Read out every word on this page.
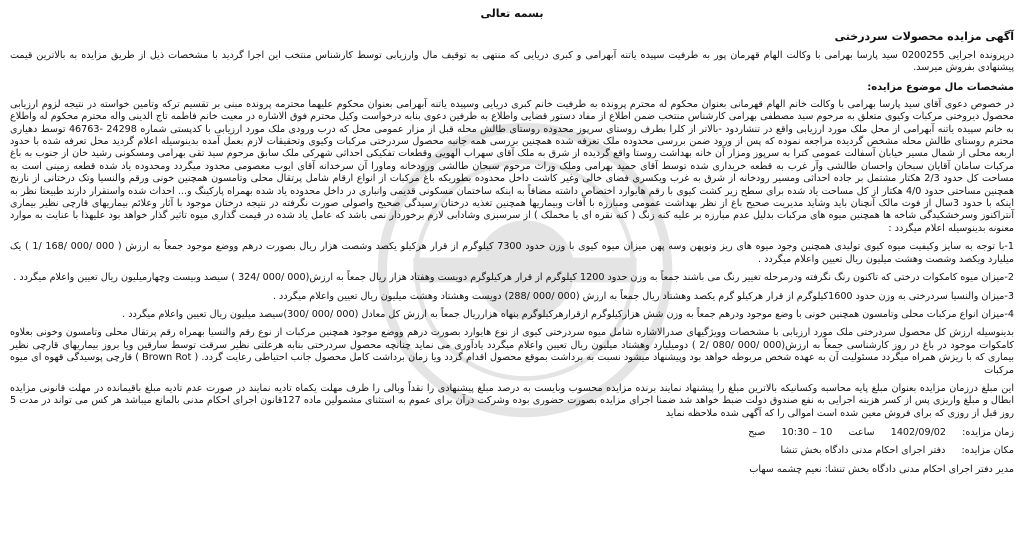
بسمه تعالی
آگهی مزایده محصولات سردرختی

درپرونده اجرایی 0200255 سید پارسا بهرامی با وکالت الهام قهرمان پور به طرفیت سپیده یاتنه آبهرامی و کبری دریایی که منتهی به توقیف مال وارزیابی توسط کارشناس منتخب این اجرا گردید با مشخصات ذیل از طریق مزایده به بالاترین قیمت پیشنهادی بفروش میرسد.

مشخصات مال موضوع مزایده:

در خصوص دعوی آقای سید پارسا بهرامی با وکالت خانم الهام قهرمانی بعنوان محکوم له محترم پرونده به طرفیت خانم کبری دریایی وسپیده یاتنه آبهرامی بعنوان محکوم علیهما محترمه پرونده مبنی بر تقسیم ترکه وتامین خواسته در نتیجه لزوم ارزیابی محصول دیروختی مرکبات وکیوی متعلق به مرحوم سید مصطفی بهرامی کارشناس منتخب ضمن اطلاع از مفاد دستور قضایی واطلاع به طرفین دعوی بنابه درخواست وکیل محترم فوق الاشاره در معیت خانم فاطمه تاج الدینی واله محترم محکوم له واطلاع به خانم سپیده یاتنه آبهرامی از محل ملک مورد ارزیابی واقع در تنشاردود -بالاتر از کلرا بطرف روستای سرپوز محدوده روستای طالش محله قبل از مزار عمومی محل که درب ورودی ملک مورد ارزیابی با کدپستی شماره 24298 -46763 توسط دهیاری محترم روستای طالش محله مشخص گردیده مراجعه نموده که پس از ورود ضمن بررسی محدوده ملک تعرفه شده همچنین بررسی همه جانبه محصول سردرختی مرکبات وکیوی وتحقیقات لازم بعمل آمده بدینوسیله اعلام گردید محل تعرفه شده با حدود اربعه محلی از شمال مسیر خیابان آسفالت عمومی کترا به سرپوز ومزار آن خانه بهداشت روستا واقع گردیده از شرق به ملک آقای سهراب الهویی وقطعات تفکیکی احداثی شهرکی ملک سابق مرحوم سید تقی بهرامی ومسکونی رشید خان از جنوب به باغ مرکبات سامان آقایان سبحان واحسان طالشی وآر غرب به قطعه خریداری شده توسط آقای حمید بهرامی وملک وراث مرحوم سبحان طالشی ورودخانه وماورا آن سرخدانه آقای ایوب معصومی محدود میگردد ومحدوده یاد شده قطعه زمینی است به مساحت کل حدود 2/3 هکتار مشتمل بر جاده احداثی ومسیر رودخانه از شرق به غرب ویکسری فضای خالی وغیر کاشت داخل محدوده بطوریکه باغ مرکبات از انواع ارقام شامل پرتقال محلی وتامسون همچنین خونی ورقم والنسیا وتک درختانی از نارنج همچنین مساحتی حدود 4/0 هکتار از کل مساحت یاد شده برای سطح زیر کشت کیوی با رقم هایوارد اختصاص داشته مضافاً به اینکه ساختمان مسکونی قدیمی وانباری در داخل محدوده یاد شده بهمراه پارکینگ و... احداث شده واستقرار دارند طبیعتا نظر به اینکه با حدود 3سال از فوت مالک آنچنان باید وشاید مدیریت صحیح باغ از نظر بهداشت عمومی ومبارزه با آفات وبیماریها همچنین تغذیه درختان رسیدگی صحیح واصولی صورت نگرفته در نتیجه درختان موجود با آثار وعلائم بیماریهای قارچی نظیر بیماری آنتراکنوز وسرخشکیدگی شاخه ها همچنین میوه های مرکبات بدلیل عدم مبارزه بر علیه کنه زنگ ( کنه نقره ای یا مخملک ) از سرسبزی وشادابی لازم برخوردار نمی باشد که عامل یاد شده در قیمت گذاری میوه تاثیر گذار خواهد بود علیهذا با عنایت به موارد معنونه بدینوسیله اعلام میگردد :

1-با توجه به سایز وکیفیت میوه کیوی تولیدی همچنین وجود میوه های ریز ونوپهن وسه پهن میزان میوه کیوی با وزن حدود 7300 کیلوگرم از قرار هرکیلو یکصد وشصت هزار ریال بصورت درهم ووضع موجود جمعاً به ارزش ( 000 /000 /168 /1 ) یک میلیارد ویکصد وشصت وهشت میلیون ریال تعیین واعلام میگردد .
2-میزان میوه کامکوات درختی که تاکنون رنگ نگرفته ودرمرحله تغییر رنگ می باشند جمعاً به وزن حدود 1200 کیلوگرم از قرار هرکیلوگرم دویست وهفتاد هزار ریال جمعاً به ارزش(000 /000 /324 ) سیصد وبیست وچهارمیلیون ریال تعیین واعلام میگردد .
3-میزان والنسیا سردرختی به وزن حدود 1600کیلوگرم از قرار هرکیلو گرم یکصد وهشتاد ریال جمعاً به ارزش (000 /000 /288) دویست وهشتاد وهشت میلیون ریال تعیین واعلام میگردد .
4-میزان انواع مرکبات محلی وتامسون همچنین خونی با وضع موجود ودرهم جمعاً به وزن شش هزارکیلوگرم ازقرارهرکیلوگرم بنهاه هزارریال جمعاً به ارزش کل معادل (000 /000 /300)سیصد میلیون ریال تعیین واعلام میگردد .

بدینوسیله ارزش کل محصول سردرختی ملک مورد ارزیابی با مشخصات وویژگیهای صدرالاشاره شامل میوه سردرختی کیوی از نوع هایوارد بصورت درهم ووضع موجود همچنین مرکبات از نوع رقم والنسیا بهمراه رقم پرتقال محلی وتامسون وخونی بعلاوه کامکوات موجود در باغ در روز کارشناسی جمعاً به ارزش(000 /000 /080 /2 ) دومیلیارد وهشتاد میلیون ریال تعیین واعلام میگردد یادآوری می نماید چنانچه محصول سردرختی بنابه هرعلتی نظیر سرقت توسط سارقین ویا بروز بیماریهای قارچی نظیر بیماری که با ریزش همراه میگردد مسئولیت آن به عهده شخص مربوطه خواهد بود وپیشنهاد میشود نسبت به برداشت بموقع محصول اقدام گردد ویا زمان برداشت کامل محصول جانب احتیاطی رعایت گردد. ( Brown Rot ) قارچی پوسیدگی قهوه ای میوه مرکبات

این مبلغ درزمان مزایده بعنوان مبلغ پایه محاسبه وکسانیکه بالاترین مبلغ را پیشنهاد نمایند برنده مزایده محسوب وبایست به درصد مبلغ پیشنهادی را نقداً وبالی را ظرف مهلت یکماه تادیه نمایند در صورت عدم تادیه مبلغ باقیمانده در مهلت قانونی مزایده ابطال و مبلغ واریزی پس از کسر هزینه اجرایی به نفع صندوق دولت ضبط خواهد شد ضمنا اجرای مزایده بصورت حضوری بوده وشرکت درآن برای عموم به استثنای مشمولین ماده 127قانون اجرای احکام مدنی بالمانع میباشد هر کس می تواند در مدت 5 روز قبل از روزی که برای فروش معین شده است اموالی را که آگهی شده ملاحظه نماید

زمان مزایده:  1402/09/02  ساعت  10 – 10:30  صبح
مکان مزایده:  دفتر اجرای احکام مدنی دادگاه بخش تنشا
مدیر دفتر اجرای احکام مدنی دادگاه بخش تنشا: نعیم چشمه سهاب
